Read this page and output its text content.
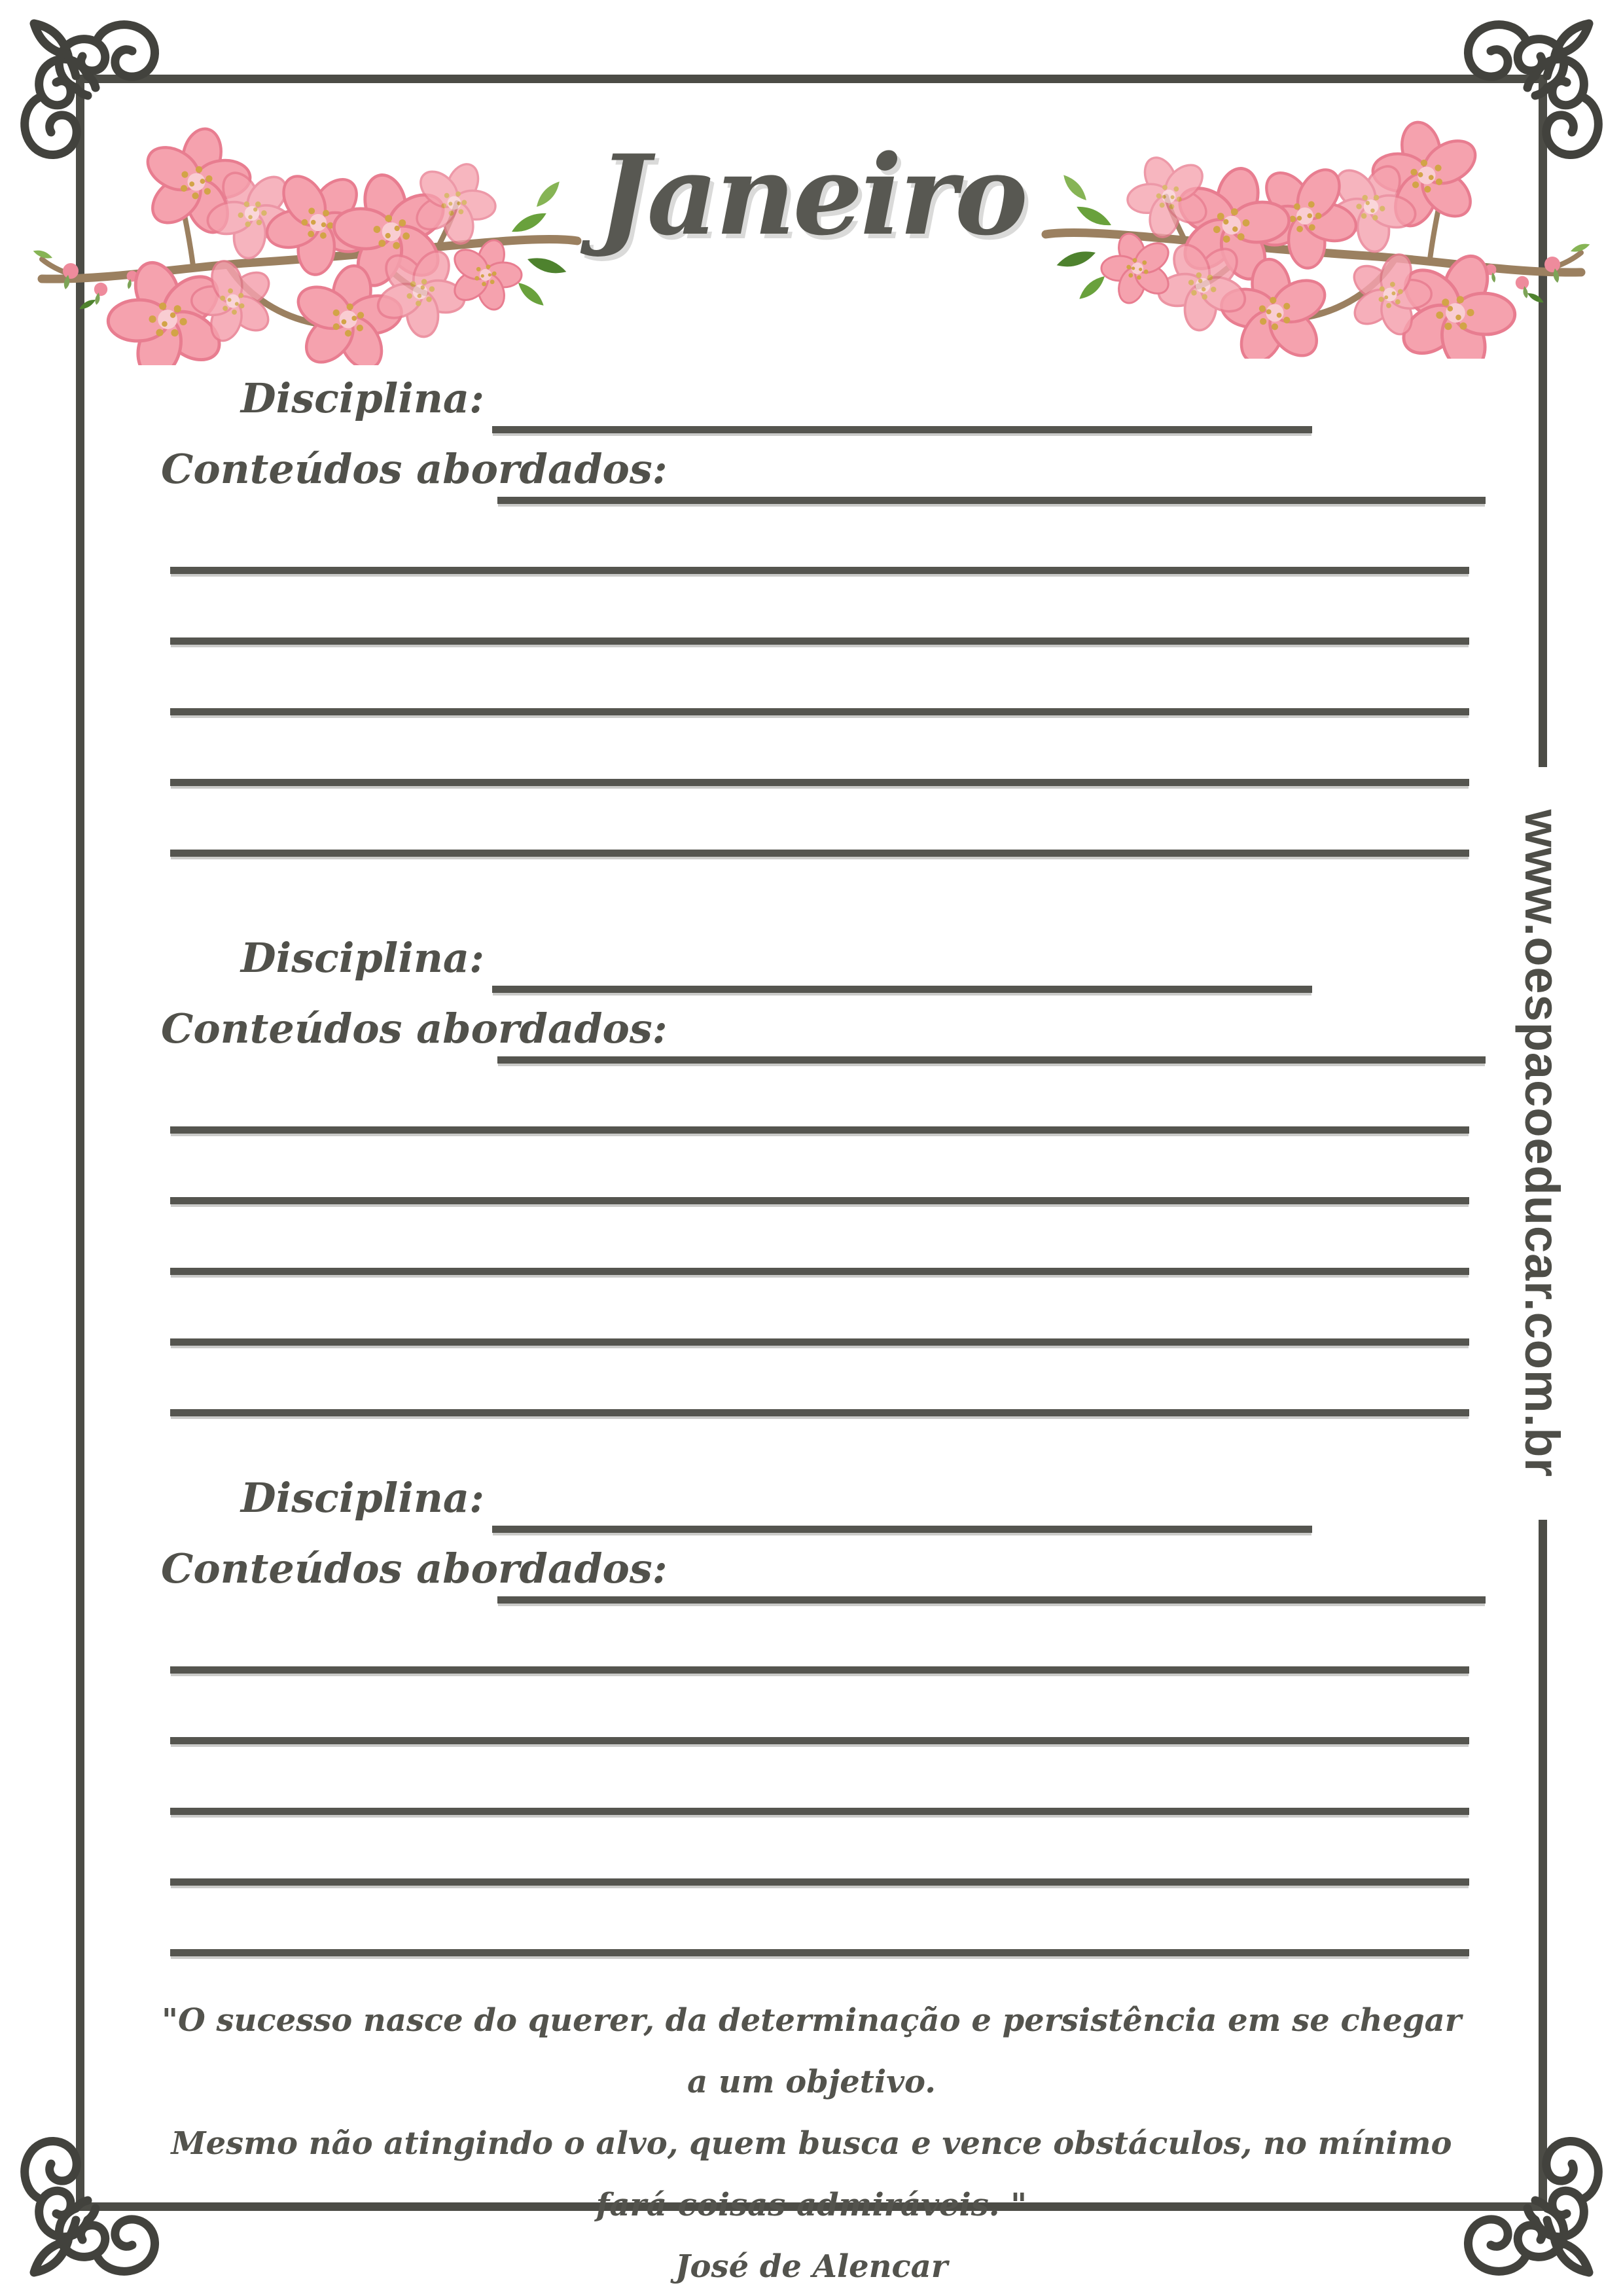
Janeiro
www.oespacoeducar.com.br
Disciplina:
Conteúdos abordados:
Disciplina:
Conteúdos abordados:
Disciplina:
Conteúdos abordados:

"O sucesso nasce do querer, da determinação e persistência em se chegar a um objetivo.

Mesmo não atingindo o alvo, quem busca e vence obstáculos, no mínimo fará coisas admiráveis. "

José de Alencar
